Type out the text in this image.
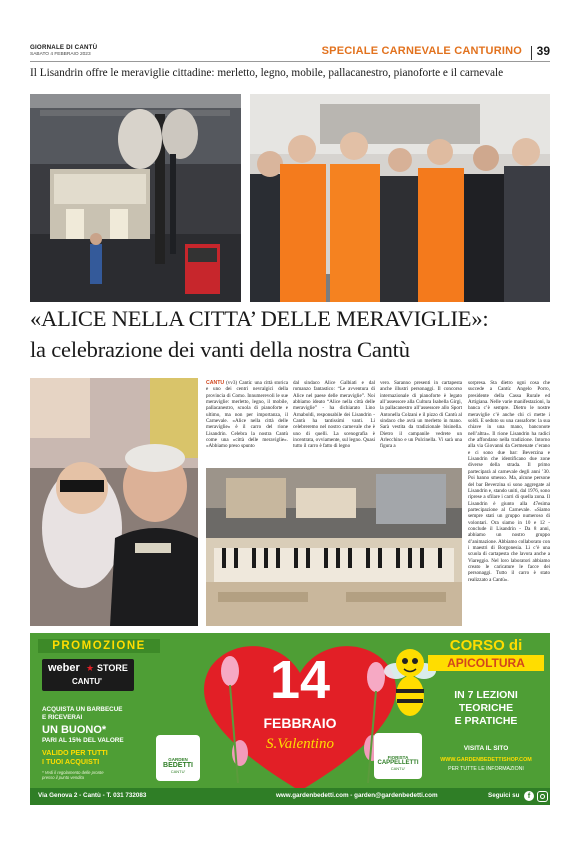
GIORNALE DI CANTÙ
SABATO 4 FEBBRAIO 2023	SPECIALE CARNEVALE CANTURINO 39
Il Lisandrin offre le meraviglie cittadine: merletto, legno, mobile, pallacanestro, pianoforte e il carnevale
«ALICE NELLA CITTA’ DELLE MERAVIGLIE»:
la celebrazione dei vanti della nostra Cantù
CANTÙ (vv3) Cantù: una città storica e uno dei centri nevralgici della provincia di Como. Innumerevoli le sue meraviglie: merletto, legno, il mobile, pallacanestro, scuola di pianoforte e ultimo, ma non per importanza, il Carnevale. «Alice nella città delle meraviglie» è il carro del rione Lisandrin. Celebra la nostra Cantù come una «città delle meraviglie». «Abbiamo preso spunto
dal sindaco Alice Galbiati e dal romanzo fantastico: “Le avventura di Alice nel paese delle meraviglie”. Noi abbiamo ideato “Alice nella città delle meraviglie” - ha dichiarato Lino Arnaboldi, responsabile dei Lisandrin - Cantù ha tantissimi vanti. Li celebreremo nel nostro carnevale che è uno di quelli. La scenografia è incentrata, ovviamente, sul legno. Quasi tutto il carro è fatto di legno
vero. Saranno presenti in cartapesta anche illustri personaggi. Il concorso internazionale di pianoforte è legato all’assessore alla Cultura Isabella Girgi, la pallacanestro all’assessore allo Sport Antonella Colzani e il pizzo di Cantù al sindaco che avrà un merletto in mano. Sarà vestita da tradizionale bisinella. Dietro il campanile vedrete un Arlecchino e un Pulcinella. Vi sarà una figura a
sorpresa. Sta dietro ogni cosa che succede a Cantù: Angelo Porro, presidente della Cassa Rurale ed Artigiana. Nelle varie manifestazioni, la banca c’è sempre. Dietro le nostre meraviglie c’è anche chi ci mette i soldi. E seduto su una cassaforte: la sua chiave in una mano, banconote nell’altra». Il rione Lisandrin ha radici che affondano nella tradizione. Intorno alla via Giovanni da Cermenate c’erano e ci sono due bar: Beverzina e Lisandrin che identificano due zone diverse della strada. Il primo parteciparà al carnevale degli anni ’30. Poi hanno smesso. Ma, alcune persone del bar Beverzina si sono aggregate al Lisandrin e, stando uniti, dal 1976, sono riprese a sfilare i carri di quella zona. Il Lisandrin è giunto alla 47esima partecipazione al Carnevale. «Siamo sempre stati un gruppo numeroso di volontari. Ora siamo in 10 e 12 - conclude il Lisandrin - Da 8 anni, abbiamo un nostro gruppo d’animazione. Abbiamo collaborato con i maestri di Borgonesia. Lì c’è una scuola di cartapesta che lavora anche a Viareggio. Nel loro laboratori abbiamo creato le caricature le facce dei personaggi. Tutto il carro è stato realizzato a Cantù».
PROMOZIONE
weber ★ STORE
CANTU'
ACQUISTA UN BARBECUE
E RICEVERAI
UN BUONO*
PARI AL 15% DEL VALORE
VALIDO PER TUTTI
I TUOI ACQUISTI
* Vedi il regolamento delle pronte
presso il punto vendita
14
FEBBRAIO
S.Valentino
GARDEN
BEDETTI
CANTU'
FIORISTA
CAPPELLETTI
CANTU'
CORSO di
APICOLTURA
IN 7 LEZIONI
TEORICHE
E PRATICHE
VISITA IL SITO
WWW.GARDENBEDETTISHOP.COM
PER TUTTE LE INFORMAZIONI
Via Genova 2 - Cantù - T. 031 732083	www.gardenbedetti.com - garden@gardenbedetti.com	Seguici su	f
